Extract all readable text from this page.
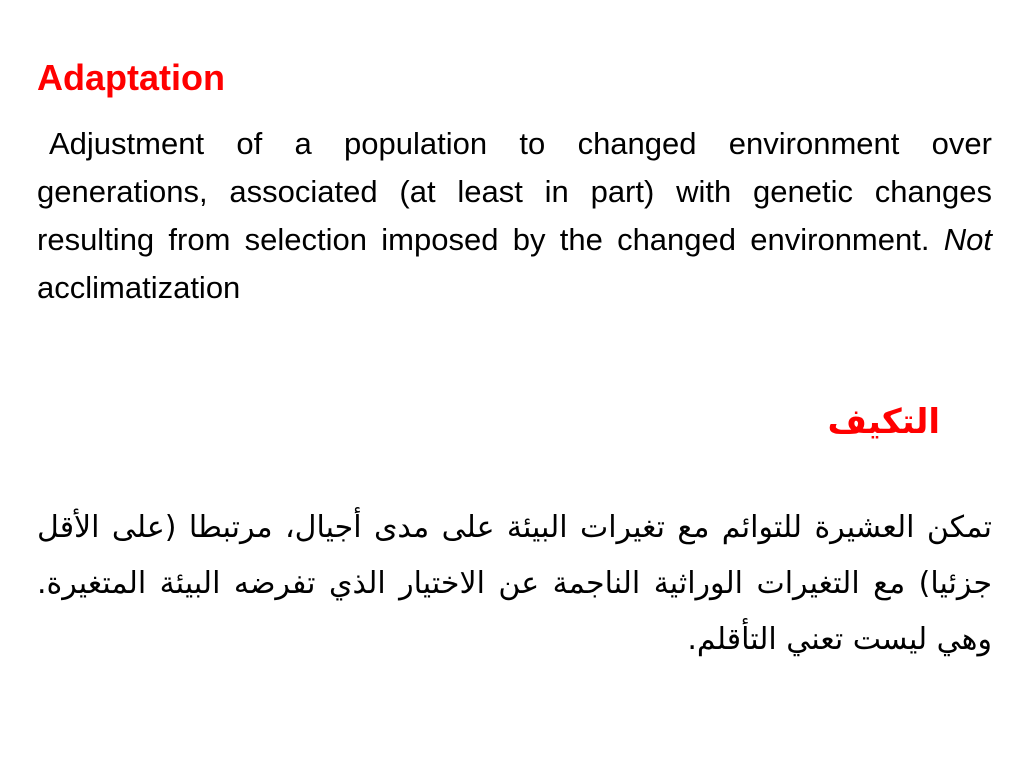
Adaptation

Adjustment of a population to changed environment over generations, associated (at least in part) with genetic changes resulting from selection imposed by the changed environment. Not acclimatization

التكيف

تمكن العشيرة للتوائم مع تغيرات البيئة على مدى أجيال، مرتبطا (على الأقل جزئيا) مع التغيرات الوراثية الناجمة عن الاختيار الذي تفرضه البيئة المتغيرة. وهي ليست تعني التأقلم.
